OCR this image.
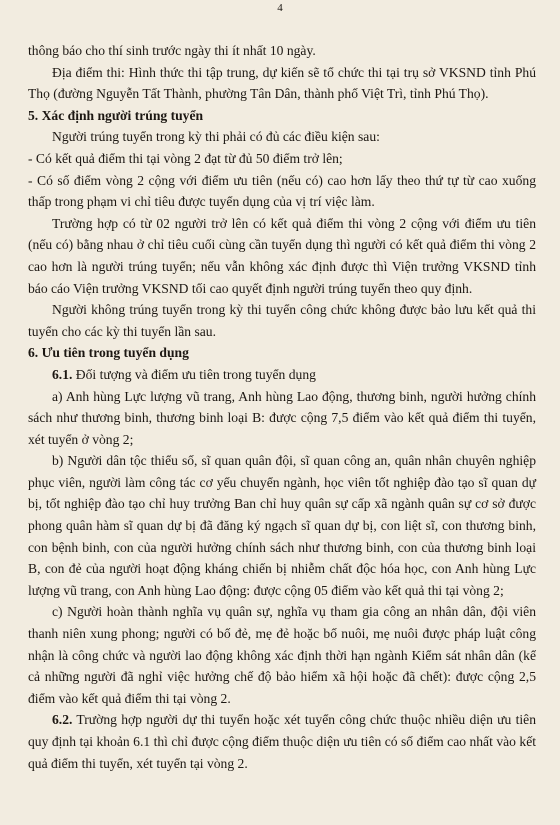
4

thông báo cho thí sinh trước ngày thi ít nhất 10 ngày.

Địa điểm thi: Hình thức thi tập trung, dự kiến sẽ tổ chức thi tại trụ sở VKSND tỉnh Phú Thọ (đường Nguyễn Tất Thành, phường Tân Dân, thành phố Việt Trì, tỉnh Phú Thọ).

5. Xác định người trúng tuyển

Người trúng tuyển trong kỳ thi phải có đủ các điều kiện sau:

- Có kết quả điểm thi tại vòng 2 đạt từ đủ 50 điểm trở lên;

- Có số điểm vòng 2 cộng với điểm ưu tiên (nếu có) cao hơn lấy theo thứ tự từ cao xuống thấp trong phạm vi chỉ tiêu được tuyển dụng của vị trí việc làm.

Trường hợp có từ 02 người trở lên có kết quả điểm thi vòng 2 cộng với điểm ưu tiên (nếu có) bằng nhau ở chỉ tiêu cuối cùng cần tuyển dụng thì người có kết quả điểm thi vòng 2 cao hơn là người trúng tuyển; nếu vẫn không xác định được thì Viện trưởng VKSND tỉnh báo cáo Viện trưởng VKSND tối cao quyết định người trúng tuyển theo quy định.

Người không trúng tuyển trong kỳ thi tuyển công chức không được bảo lưu kết quả thi tuyển cho các kỳ thi tuyển lần sau.

6. Ưu tiên trong tuyển dụng

6.1. Đối tượng và điểm ưu tiên trong tuyển dụng

a) Anh hùng Lực lượng vũ trang, Anh hùng Lao động, thương binh, người hưởng chính sách như thương binh, thương binh loại B: được cộng 7,5 điểm vào kết quả điểm thi tuyển, xét tuyển ở vòng 2;

b) Người dân tộc thiểu số, sĩ quan quân đội, sĩ quan công an, quân nhân chuyên nghiệp phục viên, người làm công tác cơ yếu chuyển ngành, học viên tốt nghiệp đào tạo sĩ quan dự bị, tốt nghiệp đào tạo chỉ huy trưởng Ban chỉ huy quân sự cấp xã ngành quân sự cơ sở được phong quân hàm sĩ quan dự bị đã đăng ký ngạch sĩ quan dự bị, con liệt sĩ, con thương binh, con bệnh binh, con của người hưởng chính sách như thương binh, con của thương binh loại B, con đẻ của người hoạt động kháng chiến bị nhiễm chất độc hóa học, con Anh hùng Lực lượng vũ trang, con Anh hùng Lao động: được cộng 05 điểm vào kết quả thi tại vòng 2;

c) Người hoàn thành nghĩa vụ quân sự, nghĩa vụ tham gia công an nhân dân, đội viên thanh niên xung phong; người có bố đẻ, mẹ đẻ hoặc bố nuôi, mẹ nuôi được pháp luật công nhận là công chức và người lao động không xác định thời hạn ngành Kiểm sát nhân dân (kể cả những người đã nghỉ việc hưởng chế độ bảo hiểm xã hội hoặc đã chết): được cộng 2,5 điểm vào kết quả điểm thi tại vòng 2.

6.2. Trường hợp người dự thi tuyển hoặc xét tuyển công chức thuộc nhiều diện ưu tiên quy định tại khoản 6.1 thì chỉ được cộng điểm thuộc diện ưu tiên có số điểm cao nhất vào kết quả điểm thi tuyển, xét tuyển tại vòng 2.
